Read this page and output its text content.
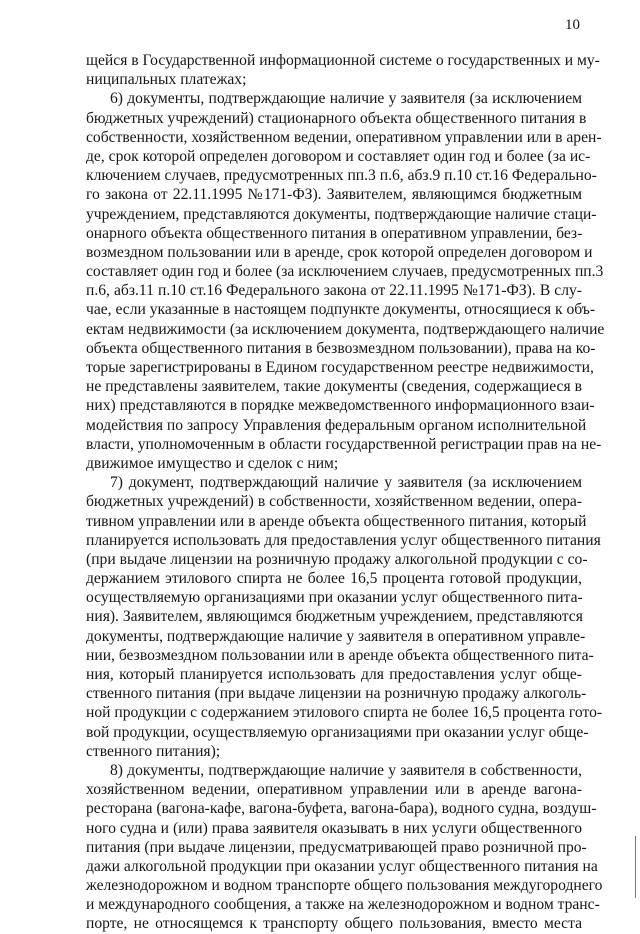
10
щейся в Государственной информационной системе о государственных и му-
ниципальных платежах;
6) документы, подтверждающие наличие у заявителя (за исключением
бюджетных учреждений) стационарного объекта общественного питания в
собственности, хозяйственном ведении, оперативном управлении или в арен-
де, срок которой определен договором и составляет один год и более (за ис-
ключением случаев, предусмотренных пп.3 п.6, абз.9 п.10 ст.16 Федерально-
го закона от 22.11.1995 №171-ФЗ). Заявителем, являющимся бюджетным
учреждением, представляются документы, подтверждающие наличие стаци-
онарного объекта общественного питания в оперативном управлении, без-
возмездном пользовании или в аренде, срок которой определен договором и
составляет один год и более (за исключением случаев, предусмотренных пп.3
п.6, абз.11 п.10 ст.16 Федерального закона от 22.11.1995 №171-ФЗ). В слу-
чае, если указанные в настоящем подпункте документы, относящиеся к объ-
ектам недвижимости (за исключением документа, подтверждающего наличие
объекта общественного питания в безвозмездном пользовании), права на ко-
торые зарегистрированы в Едином государственном реестре недвижимости,
не представлены заявителем, такие документы (сведения, содержащиеся в
них) представляются в порядке межведомственного информационного взаи-
модействия по запросу Управления федеральным органом исполнительной
власти, уполномоченным в области государственной регистрации прав на не-
движимое имущество и сделок с ним;
7) документ, подтверждающий наличие у заявителя (за исключением
бюджетных учреждений) в собственности, хозяйственном ведении, опера-
тивном управлении или в аренде объекта общественного питания, который
планируется использовать для предоставления услуг общественного питания
(при выдаче лицензии на розничную продажу алкогольной продукции с со-
держанием этилового спирта не более 16,5 процента готовой продукции,
осуществляемую организациями при оказании услуг общественного пита-
ния). Заявителем, являющимся бюджетным учреждением, представляются
документы, подтверждающие наличие у заявителя в оперативном управле-
нии, безвозмездном пользовании или в аренде объекта общественного пита-
ния, который планируется использовать для предоставления услуг обще-
ственного питания (при выдаче лицензии на розничную продажу алкоголь-
ной продукции с содержанием этилового спирта не более 16,5 процента гото-
вой продукции, осуществляемую организациями при оказании услуг обще-
ственного питания);
8) документы, подтверждающие наличие у заявителя в собственности,
хозяйственном ведении, оперативном управлении или в аренде вагона-
ресторана (вагона-кафе, вагона-буфета, вагона-бара), водного судна, воздуш-
ного судна и (или) права заявителя оказывать в них услуги общественного
питания (при выдаче лицензии, предусматривающей право розничной про-
дажи алкогольной продукции при оказании услуг общественного питания на
железнодорожном и водном транспорте общего пользования междугороднего
и международного сообщения, а также на железнодорожном и водном транс-
порте, не относящемся к транспорту общего пользования, вместо места
